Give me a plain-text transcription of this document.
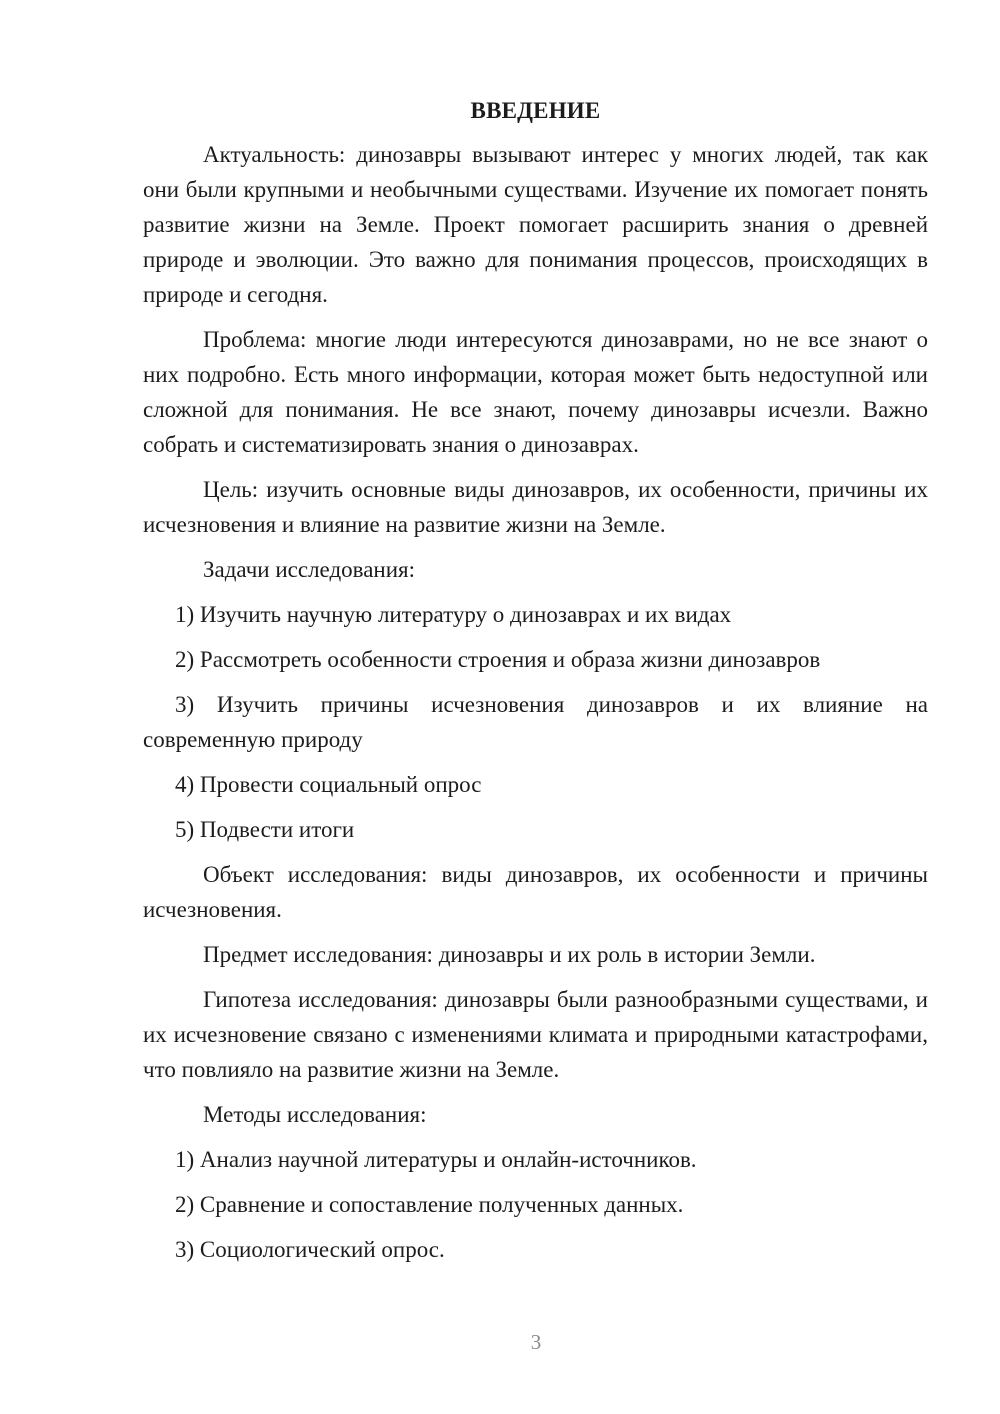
ВВЕДЕНИЕ

Актуальность: динозавры вызывают интерес у многих людей, так как они были крупными и необычными существами. Изучение их помогает понять развитие жизни на Земле. Проект помогает расширить знания о древней природе и эволюции. Это важно для понимания процессов, происходящих в природе и сегодня.

Проблема: многие люди интересуются динозаврами, но не все знают о них подробно. Есть много информации, которая может быть недоступной или сложной для понимания. Не все знают, почему динозавры исчезли. Важно собрать и систематизировать знания о динозаврах.

Цель: изучить основные виды динозавров, их особенности, причины их исчезновения и влияние на развитие жизни на Земле.

Задачи исследования:

1) Изучить научную литературу о динозаврах и их видах

2) Рассмотреть особенности строения и образа жизни динозавров

3) Изучить причины исчезновения динозавров и их влияние на современную природу

4) Провести социальный опрос

5) Подвести итоги

Объект исследования: виды динозавров, их особенности и причины исчезновения.

Предмет исследования: динозавры и их роль в истории Земли.

Гипотеза исследования: динозавры были разнообразными существами, и их исчезновение связано с изменениями климата и природными катастрофами, что повлияло на развитие жизни на Земле.

Методы исследования:

1) Анализ научной литературы и онлайн-источников.

2) Сравнение и сопоставление полученных данных.

3) Социологический опрос.

3
